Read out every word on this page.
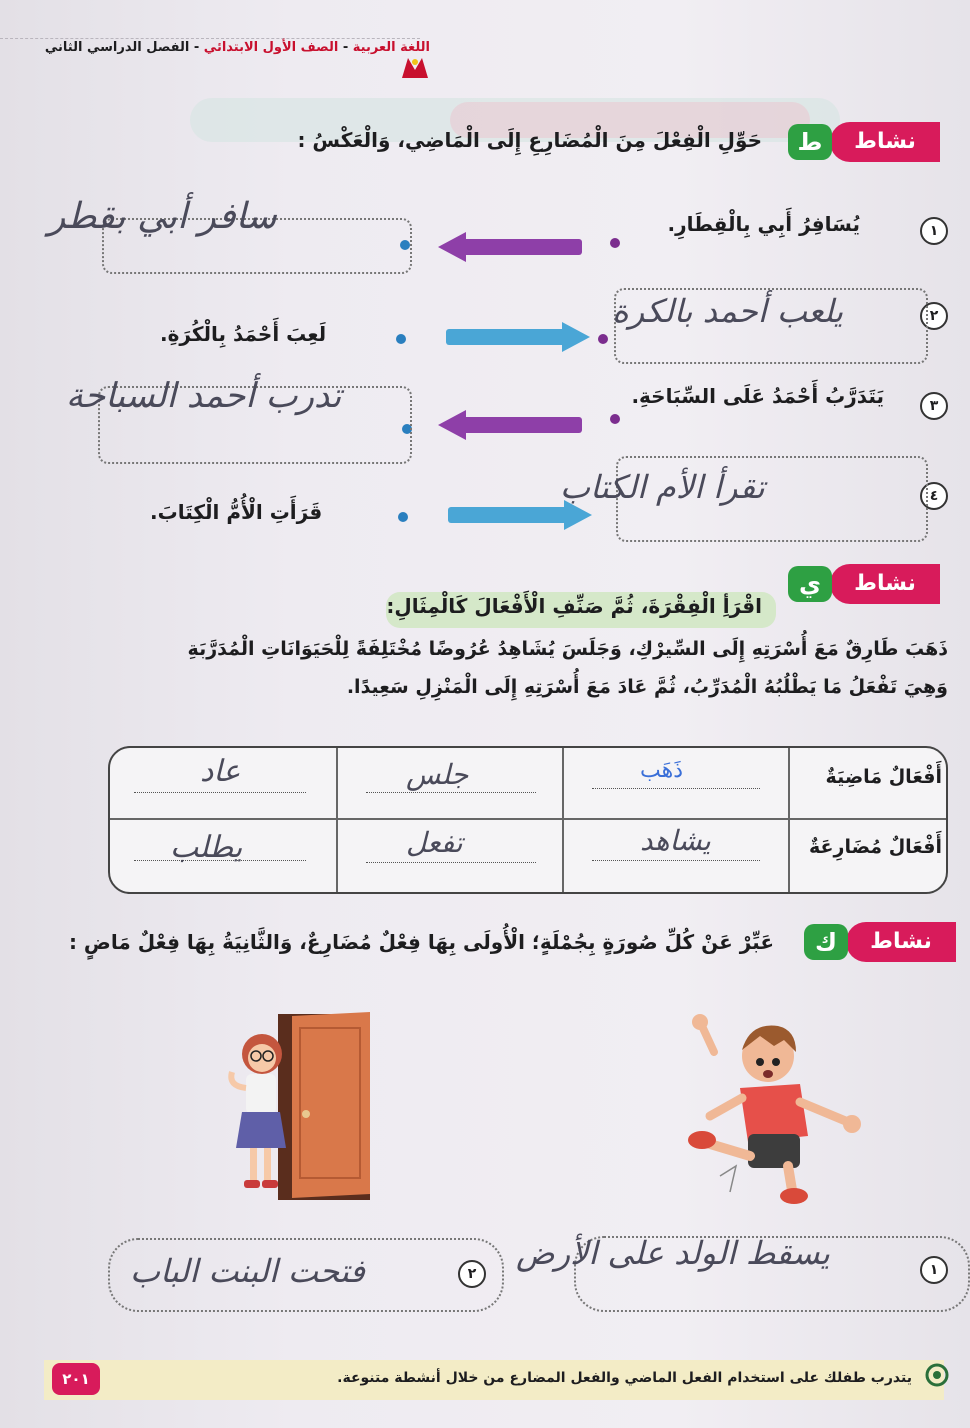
اللغة العربية - الصف الأول الابتدائي - الفصل الدراسي الثاني
نشاط
ط
حَوِّلِ الْفِعْلَ مِنَ الْمُضَارِعِ إِلَى الْمَاضِي، وَالْعَكْسُ :
١
يُسَافِرُ أَبِي بِالْقِطَارِ.
سافر أبي بقطر
٢
يلعب أحمد بالكرة
لَعِبَ أَحْمَدُ بِالْكُرَةِ.
٣
يَتَدَرَّبُ أَحْمَدُ عَلَى السِّبَاحَةِ.
تدرب أحمد السباحة
٤
تقرأ الأم الكتاب
قَرَأَتِ الْأُمُّ الْكِتَابَ.
نشاط
ي
اقْرَأِ الْفِقْرَةَ، ثُمَّ صَنِّفِ الْأَفْعَالَ كَالْمِثَالِ:
ذَهَبَ طَارِقٌ مَعَ أُسْرَتِهِ إِلَى السِّيرْكِ، وَجَلَسَ يُشَاهِدُ عُرُوضًا مُخْتَلِفَةً لِلْحَيَوَانَاتِ الْمُدَرَّبَةِ
وَهِيَ تَفْعَلُ مَا يَطْلُبُهُ الْمُدَرِّبُ، ثُمَّ عَادَ مَعَ أُسْرَتِهِ إِلَى الْمَنْزِلِ سَعِيدًا.
أَفْعَالٌ مَاضِيَةٌ
أَفْعَالٌ مُضَارِعَةٌ
ذَهَب
جلس
عاد
يشاهد
تفعل
يطلب
نشاط
ك
عَبِّرْ عَنْ كُلِّ صُورَةٍ بِجُمْلَةٍ؛ الْأُولَى بِهَا فِعْلٌ مُضَارِعٌ، وَالثَّانِيَةُ بِهَا فِعْلٌ مَاضٍ :
١
يسقط الولد على الأرض
٢
فتحت البنت الباب
يتدرب طفلك على استخدام الفعل الماضي والفعل المضارع من خلال أنشطة متنوعة.
٢٠١
